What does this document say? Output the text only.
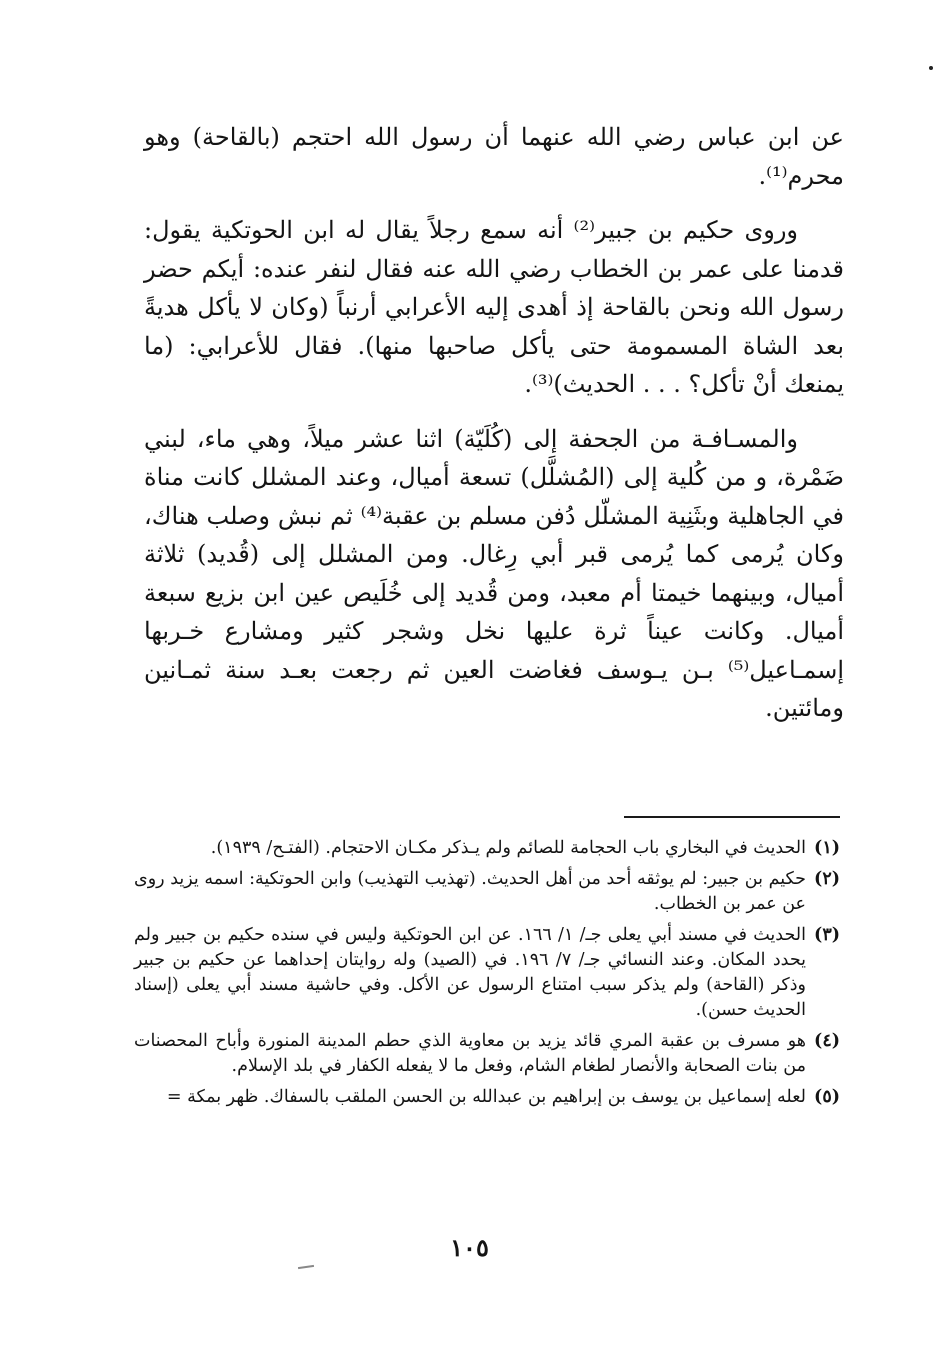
عن ابن عباس رضي الله عنهما أن رسول الله احتجم (بالقاحة) وهو محرم⁽¹⁾.

وروى حكيم بن جبير⁽²⁾ أنه سمع رجلاً يقال له ابن الحوتكية يقول: قدمنا على عمر بن الخطاب رضي الله عنه فقال لنفر عنده: أيكم حضر رسول الله ونحن بالقاحة إذ أهدى إليه الأعرابي أرنباً (وكان لا يأكل هديةً بعد الشاة المسمومة حتى يأكل صاحبها منها). فقال للأعرابي: (ما يمنعك أنْ تأكل؟ . . . الحديث)⁽³⁾.

والمسـافـة من الجحفة إلى (كُلَيّة) اثنا عشر ميلاً، وهي ماء، لبني ضَمْرة، و من كُلية إلى (المُشلَّل) تسعة أميال، وعند المشلل كانت مناة في الجاهلية وبثَنِية المشلّل دُفن مسلم بن عقبة⁽⁴⁾ ثم نبش وصلب هناك، وكان يُرمى كما يُرمى قبر أبي رِغال. ومن المشلل إلى (قُديد) ثلاثة أميال، وبينهما خيمتا أم معبد، ومن قُديد إلى خُلَيص عين ابن بزيع سبعة أميال. وكانت عيناً ثرة عليها نخل وشجر كثير ومشارع خـربها إسمـاعيل⁽⁵⁾ بـن يـوسف فغاضت العين ثم رجعت بعـد سنة ثمـانين ومائتين.

(١)
الحديث في البخاري باب الحجامة للصائم ولم يـذكر مكـان الاحتجام. (الفتـح/ ١٩٣٩).
(٢)
حكيم بن جبير: لم يوثقه أحد من أهل الحديث. (تهذيب التهذيب) وابن الحوتكية: اسمه يزيد روى عن عمر بن الخطاب.
(٣)
الحديث في مسند أبي يعلى جـ/ ١/ ١٦٦. عن ابن الحوتكية وليس في سنده حكيم بن جبير ولم يحدد المكان. وعند النسائي جـ/ ٧/ ١٩٦. في (الصيد) وله روايتان إحداهما عن حكيم بن جبير وذكر (القاحة) ولم يذكر سبب امتناع الرسول عن الأكل. وفي حاشية مسند أبي يعلى (إسناد الحديث حسن).
(٤)
هو مسرف بن عقبة المري قائد يزيد بن معاوية الذي حطم المدينة المنورة وأباح المحصنات من بنات الصحابة والأنصار لطغام الشام، وفعل ما لا يفعله الكفار في بلد الإسلام.
(٥)
لعله إسماعيل بن يوسف بن إبراهيم بن عبدالله بن الحسن الملقب بالسفاك. ظهر بمكة =
١٠٥
